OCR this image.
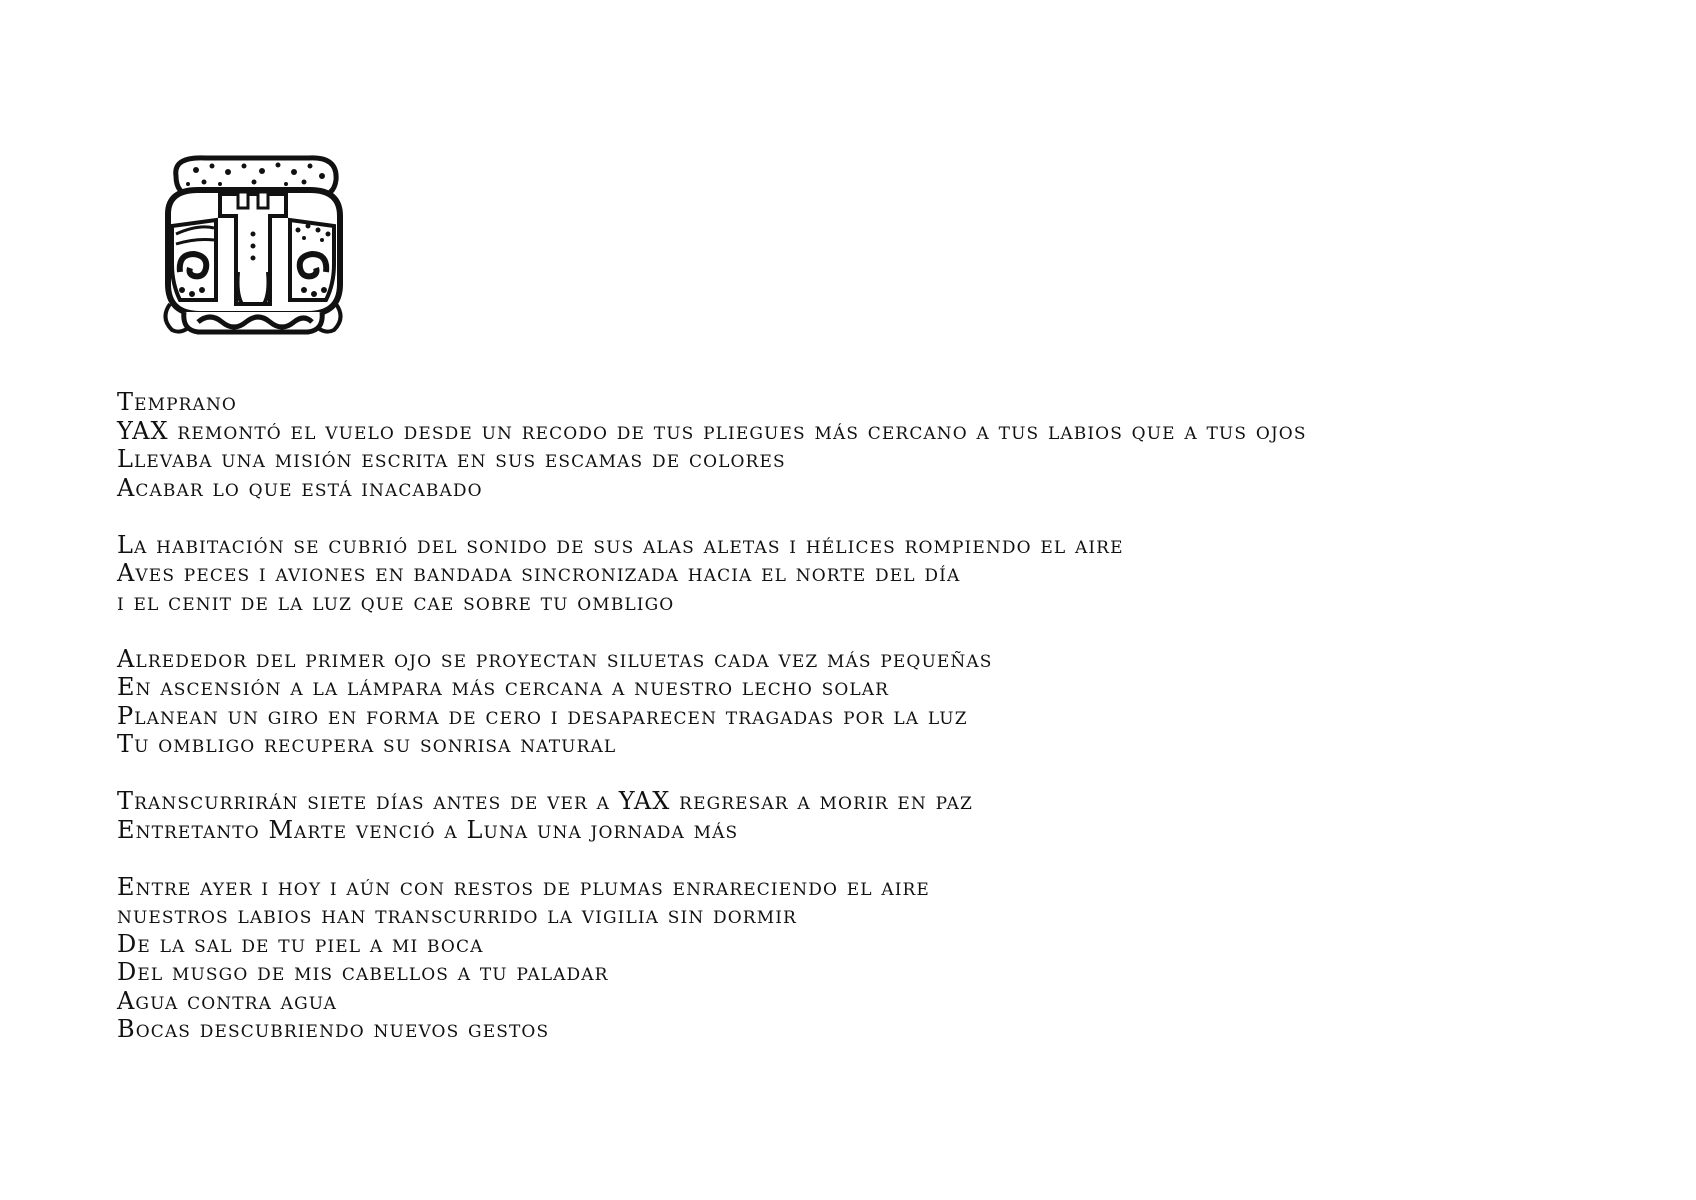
Temprano

YAX remontó el vuelo desde un recodo de tus pliegues más cercano a tus labios que a tus ojos

Llevaba una misión escrita en sus escamas de colores

Acabar lo que está inacabado

La habitación se cubrió del sonido de sus alas aletas i hélices rompiendo el aire

Aves peces i aviones en bandada sincronizada hacia el norte del día

i el cenit de la luz que cae sobre tu ombligo

Alrededor del primer ojo se proyectan siluetas cada vez más pequeñas

En ascensión a la lámpara más cercana a nuestro lecho solar

Planean un giro en forma de cero i desaparecen tragadas por la luz

Tu ombligo recupera su sonrisa natural

Transcurrirán siete días antes de ver a YAX regresar a morir en paz

Entretanto Marte venció a Luna una jornada más

Entre ayer i hoy i aún con restos de plumas enrareciendo el aire

nuestros labios han transcurrido la vigilia sin dormir

De la sal de tu piel a mi boca

Del musgo de mis cabellos a tu paladar

Agua contra agua

Bocas descubriendo nuevos gestos
